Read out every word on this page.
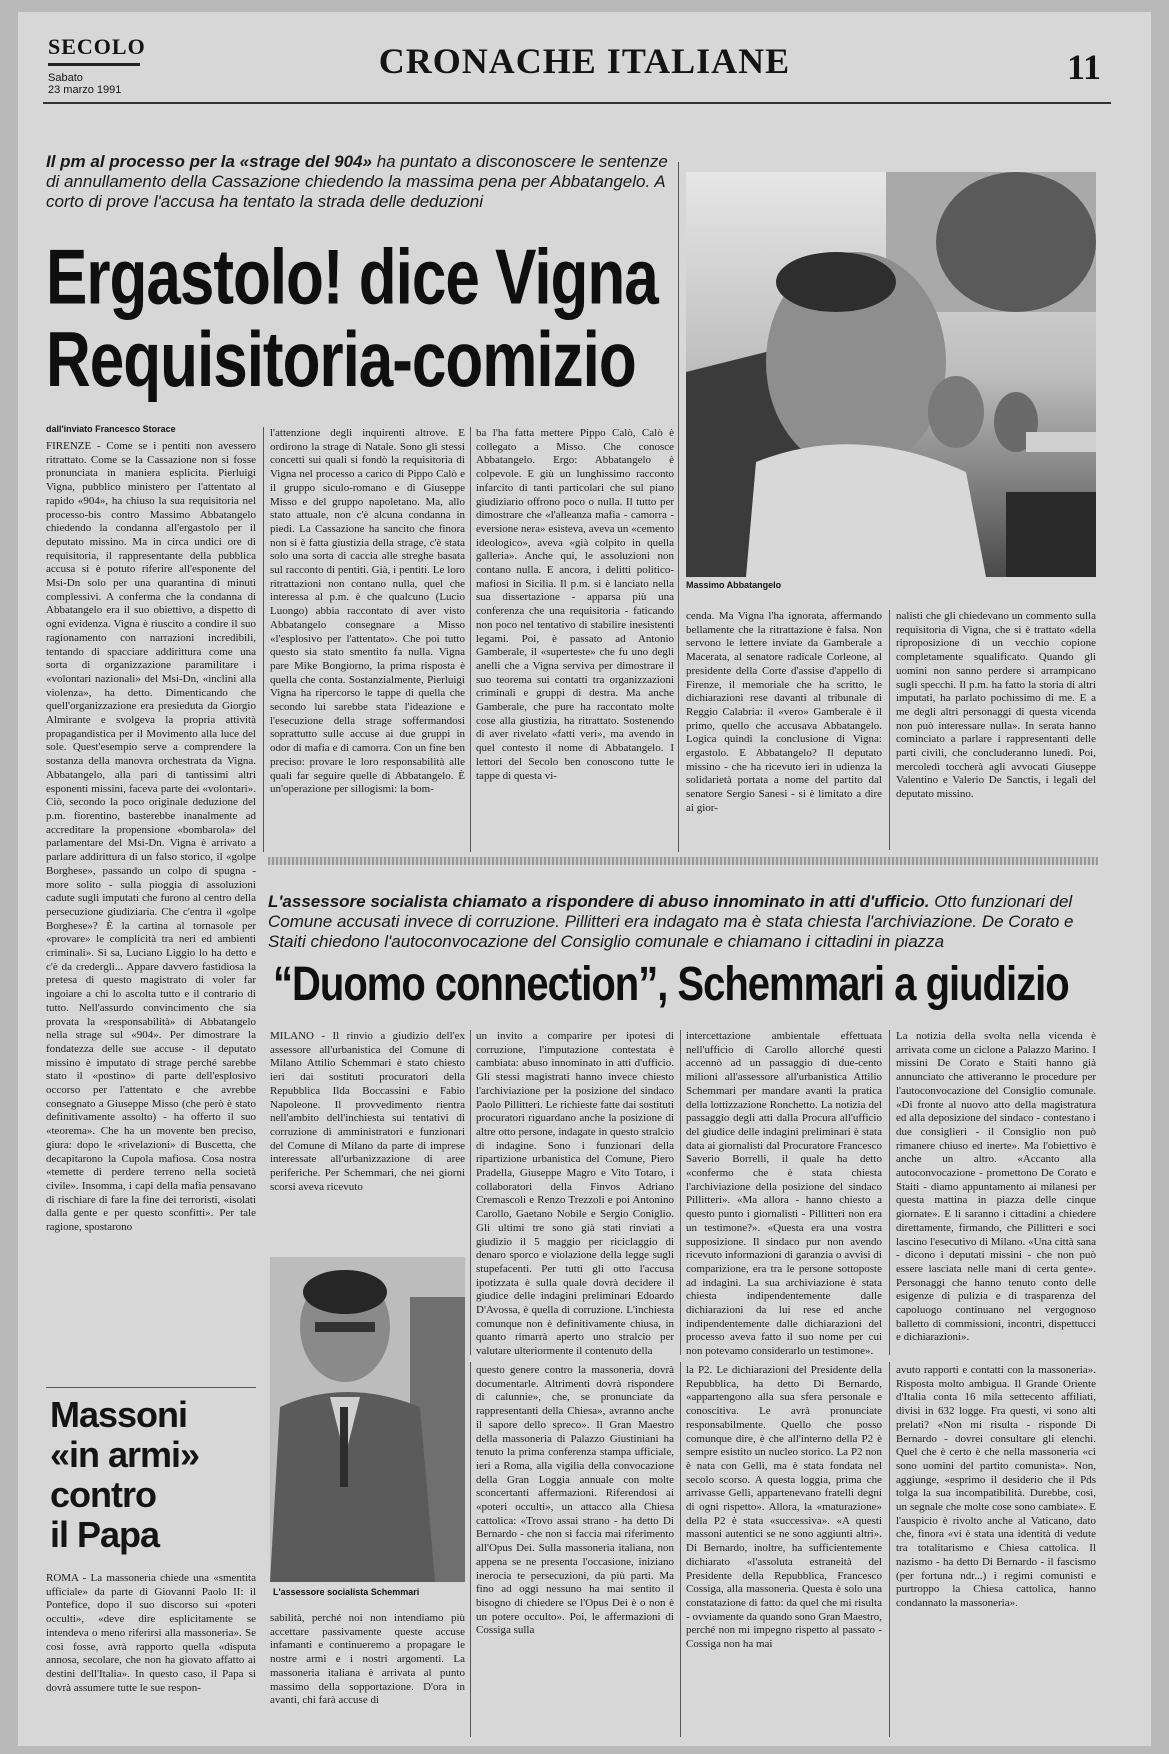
SECOLO
Sabato
23 marzo 1991
CRONACHE ITALIANE	11
Il pm al processo per la «strage del 904» ha puntato a disconoscere le sentenze di annullamento della Cassazione chiedendo la massima pena per Abbatangelo. A corto di prove l'accusa ha tentato la strada delle deduzioni
Ergastolo! dice Vigna
Requisitoria-comizio
Massimo Abbatangelo
dall'inviato Francesco Storace
FIRENZE - Come se i pentiti non avessero ritrattato. Come se la Cassazione non si fosse pronunciata in maniera esplicita. Pierluigi Vigna, pubblico ministero per l'attentato al rapido «904», ha chiuso la sua requisitoria nel processo-bis contro Massimo Abbatangelo chiedendo la condanna all'ergastolo per il deputato missino. Ma in circa undici ore di requisitoria, il rappresentante della pubblica accusa si è potuto riferire all'esponente del Msi-Dn solo per una quarantina di minuti complessivi. A conferma che la condanna di Abbatangelo era il suo obiettivo, a dispetto di ogni evidenza. Vigna è riuscito a condire il suo ragionamento con narrazioni incredibili, tentando di spacciare addirittura come una sorta di organizzazione paramilitare i «volontari nazionali» del Msi-Dn, «inclini alla violenza», ha detto. Dimenticando che quell'organizzazione era presieduta da Giorgio Almirante e svolgeva la propria attività propagandistica per il Movimento alla luce del sole. Quest'esempio serve a comprendere la sostanza della manovra orchestrata da Vigna. Abbatangelo, alla pari di tantissimi altri esponenti missini, faceva parte dei «volontari». Ciò, secondo la poco originale deduzione del p.m. fiorentino, basterebbe inanalmente ad accreditare la propensione «bombarola» del parlamentare del Msi-Dn. Vigna è arrivato a parlare addirittura di un falso storico, il «golpe Borghese», passando un colpo di spugna - more solito - sulla pioggia di assoluzioni cadute sugli imputati che furono al centro della persecuzione giudiziaria. Che c'entra il «golpe Borghese»? È la cartina al tornasole per «provare» le complicità tra neri ed ambienti criminali». Si sa, Luciano Liggio lo ha detto e c'è da credergli... Appare davvero fastidiosa la pretesa di questo magistrato di voler far ingoiare a chi lo ascolta tutto e il contrario di tutto. Nell'assurdo convincimento che sia provata la «responsabilità» di Abbatangelo nella strage sul «904». Per dimostrare la fondatezza delle sue accuse - il deputato missino è imputato di strage perché sarebbe stato il «postino» di parte dell'esplosivo occorso per l'attentato e che avrebbe consegnato a Giuseppe Misso (che però è stato definitivamente assolto) - ha offerto il suo «teorema». Che ha un movente ben preciso, giura: dopo le «rivelazioni» di Buscetta, che decapitarono la Cupola mafiosa. Cosa nostra «temette di perdere terreno nella società civile». Insomma, i capi della mafia pensavano di rischiare di fare la fine dei terroristi, «isolati dalla gente e per questo sconfitti». Per tale ragione, spostarono
l'attenzione degli inquirenti altrove. E ordirono la strage di Natale. Sono gli stessi concetti sui quali si fondò la requisitoria di Vigna nel processo a carico di Pippo Calò e il gruppo siculo-romano e di Giuseppe Misso e del gruppo napoletano. Ma, allo stato attuale, non c'è alcuna condanna in piedi. La Cassazione ha sancito che finora non si è fatta giustizia della strage, c'è stata solo una sorta di caccia alle streghe basata sul racconto di pentiti. Già, i pentiti. Le loro ritrattazioni non contano nulla, quel che interessa al p.m. è che qualcuno (Lucio Luongo) abbia raccontato di aver visto Abbatangelo consegnare a Misso «l'esplosivo per l'attentato». Che poi tutto questo sia stato smentito fa nulla. Vigna pare Mike Bongiorno, la prima risposta è quella che conta. Sostanzialmente, Pierluigi Vigna ha ripercorso le tappe di quella che secondo lui sarebbe stata l'ideazione e l'esecuzione della strage soffermandosi soprattutto sulle accuse ai due gruppi in odor di mafia e di camorra. Con un fine ben preciso: provare le loro responsabilità alle quali far seguire quelle di Abbatangelo. È un'operazione per sillogismi: la bom-
ba l'ha fatta mettere Pippo Calò, Calò è collegato a Misso. Che conosce Abbatangelo. Ergo: Abbatangelo è colpevole. E giù un lunghissimo racconto infarcito di tanti particolari che sul piano giudiziario offrono poco o nulla. Il tutto per dimostrare che «l'alleanza mafia - camorra - eversione nera» esisteva, aveva un «cemento ideologico», aveva «già colpito in quella galleria». Anche qui, le assoluzioni non contano nulla. E ancora, i delitti politico-mafiosi in Sicilia. Il p.m. si è lanciato nella sua dissertazione - apparsa più una conferenza che una requisitoria - faticando non poco nel tentativo di stabilire inesistenti legami. Poi, è passato ad Antonio Gamberale, il «superteste» che fu uno degli anelli che a Vigna serviva per dimostrare il suo teorema sui contatti tra organizzazioni criminali e gruppi di destra. Ma anche Gamberale, che pure ha raccontato molte cose alla giustizia, ha ritrattato. Sostenendo di aver rivelato «fatti veri», ma avendo in quel contesto il nome di Abbatangelo. I lettori del Secolo ben conoscono tutte le tappe di questa vi-
cenda. Ma Vigna l'ha ignorata, affermando bellamente che la ritrattazione è falsa. Non servono le lettere inviate da Gamberale a Macerata, al senatore radicale Corleone, al presidente della Corte d'assise d'appello di Firenze, il memoriale che ha scritto, le dichiarazioni rese davanti al tribunale di Reggio Calabria: il «vero» Gamberale è il primo, quello che accusava Abbatangelo. Logica quindi la conclusione di Vigna: ergastolo. E Abbatangelo? Il deputato missino - che ha ricevuto ieri in udienza la solidarietà portata a nome del partito dal senatore Sergio Sanesi - si è limitato a dire ai gior-
nalisti che gli chiedevano un commento sulla requisitoria di Vigna, che si è trattato «della riproposizione di un vecchio copione completamente squalificato. Quando gli uomini non sanno perdere si arrampicano sugli specchi. Il p.m. ha fatto la storia di altri imputati, ha parlato pochissimo di me. E a me degli altri personaggi di questa vicenda non può interessare nulla». In serata hanno cominciato a parlare i rappresentanti delle parti civili, che concluderanno lunedì. Poi, mercoledì toccherà agli avvocati Giuseppe Valentino e Valerio De Sanctis, i legali del deputato missino.
L'assessore socialista chiamato a rispondere di abuso innominato in atti d'ufficio. Otto funzionari del Comune accusati invece di corruzione. Pillitteri era indagato ma è stata chiesta l'archiviazione. De Corato e Staiti chiedono l'autoconvocazione del Consiglio comunale e chiamano i cittadini in piazza
“Duomo connection”, Schemmari a giudizio
MILANO - Il rinvio a giudizio dell'ex assessore all'urbanistica del Comune di Milano Attilio Schemmari è stato chiesto ieri dai sostituti procuratori della Repubblica Ilda Boccassini e Fabio Napoleone. Il provvedimento rientra nell'ambito dell'inchiesta sui tentativi di corruzione di amministratori e funzionari del Comune di Milano da parte di imprese interessate all'urbanizzazione di aree periferiche. Per Schemmari, che nei giorni scorsi aveva ricevuto
un invito a comparire per ipotesi di corruzione, l'imputazione contestata è cambiata: abuso innominato in atti d'ufficio. Gli stessi magistrati hanno invece chiesto l'archiviazione per la posizione del sindaco Paolo Pillitteri. Le richieste fatte dai sostituti procuratori riguardano anche la posizione di altre otto persone, indagate in questo stralcio di indagine. Sono i funzionari della ripartizione urbanistica del Comune, Piero Pradella, Giuseppe Magro e Vito Totaro, i collaboratori della Finvos Adriano Cremascoli e Renzo Trezzoli e poi Antonino Carollo, Gaetano Nobile e Sergio Coniglio. Gli ultimi tre sono già stati rinviati a giudizio il 5 maggio per riciclaggio di denaro sporco e violazione della legge sugli stupefacenti. Per tutti gli otto l'accusa ipotizzata è sulla quale dovrà decidere il giudice delle indagini preliminari Edoardo D'Avossa, è quella di corruzione. L'inchiesta comunque non è definitivamente chiusa, in quanto rimarrà aperto uno stralcio per valutare ulteriormente il contenuto della
intercettazione ambientale effettuata nell'ufficio di Carollo allorché questi accennò ad un passaggio di due-cento milioni all'assessore all'urbanistica Attilio Schemmari per mandare avanti la pratica della lottizzazione Ronchetto. La notizia del passaggio degli atti dalla Procura all'ufficio del giudice delle indagini preliminari è stata data ai giornalisti dal Procuratore Francesco Saverio Borrelli, il quale ha detto «confermo che è stata chiesta l'archiviazione della posizione del sindaco Pillitteri». «Ma allora - hanno chiesto a questo punto i giornalisti - Pillitteri non era un testimone?». «Questa era una vostra supposizione. Il sindaco pur non avendo ricevuto informazioni di garanzia o avvisi di comparizione, era tra le persone sottoposte ad indagini. La sua archiviazione è stata chiesta indipendentemente dalle dichiarazioni da lui rese ed anche indipendentemente dalle dichiarazioni del processo aveva fatto il suo nome per cui non potevamo considerarlo un testimone».
La notizia della svolta nella vicenda è arrivata come un ciclone a Palazzo Marino. I missini De Corato e Staiti hanno già annunciato che attiveranno le procedure per l'autoconvocazione del Consiglio comunale. «Di fronte al nuovo atto della magistratura ed alla deposizione del sindaco - contestano i due consiglieri - il Consiglio non può rimanere chiuso ed inerte». Ma l'obiettivo è anche un altro. «Accanto alla autoconvocazione - promettono De Corato e Staiti - diamo appuntamento ai milanesi per questa mattina in piazza delle cinque giornate». E li saranno i cittadini a chiedere direttamente, firmando, che Pillitteri e soci lascino l'esecutivo di Milano. «Una città sana - dicono i deputati missini - che non può essere lasciata nelle mani di certa gente». Personaggi che hanno tenuto conto delle esigenze di pulizia e di trasparenza del capoluogo continuano nel vergognoso balletto di commissioni, incontri, dispettucci e dichiarazioni».
L'assessore socialista Schemmari
Massoni
«in armi»
contro
il Papa
ROMA - La massoneria chiede una «smentita ufficiale» da parte di Giovanni Paolo II: il Pontefice, dopo il suo discorso sui «poteri occulti», «deve dire esplicitamente se intendeva o meno riferirsi alla massoneria». Se così fosse, avrà rapporto quella «disputa annosa, secolare, che non ha giovato affatto ai destini dell'Italia». In questo caso, il Papa si dovrà assumere tutte le sue respon-
sabilità, perché noi non intendiamo più accettare passivamente queste accuse infamanti e continueremo a propagare le nostre armi e i nostri argomenti. La massoneria italiana è arrivata al punto massimo della sopportazione. D'ora in avanti, chi farà accuse di
questo genere contro la massoneria, dovrà documentarle. Altrimenti dovrà rispondere di calunnie», che, se pronunciate da rappresentanti della Chiesa», avranno anche il sapore dello spreco». Il Gran Maestro della massoneria di Palazzo Giustiniani ha tenuto la prima conferenza stampa ufficiale, ieri a Roma, alla vigilia della convocazione della Gran Loggia annuale con molte sconcertanti affermazioni. Riferendosi ai «poteri occulti», un attacco alla Chiesa cattolica: «Trovo assai strano - ha detto Di Bernardo - che non si faccia mai riferimento all'Opus Dei. Sulla massoneria italiana, non appena se ne presenta l'occasione, iniziano inerocia te persecuzioni, da più parti. Ma fino ad oggi nessuno ha mai sentito il bisogno di chiedere se l'Opus Dei è o non è un potere occulto». Poi, le affermazioni di Cossiga sulla
la P2. Le dichiarazioni del Presidente della Repubblica, ha detto Di Bernardo, «appartengono alla sua sfera personale e conoscitiva. Le avrà pronunciate responsabilmente. Quello che posso comunque dire, è che all'interno della P2 è sempre esistito un nucleo storico. La P2 non è nata con Gelli, ma è stata fondata nel secolo scorso. A questa loggia, prima che arrivasse Gelli, appartenevano fratelli degni di ogni rispetto». Allora, la «maturazione» della P2 è stata «successiva». «A questi massoni autentici se ne sono aggiunti altri». Di Bernardo, inoltre, ha sufficientemente dichiarato «l'assoluta estraneità del Presidente della Repubblica, Francesco Cossiga, alla massoneria. Questa è solo una constatazione di fatto: da quel che mi risulta - ovviamente da quando sono Gran Maestro, perché non mi impegno rispetto al passato - Cossiga non ha mai
avuto rapporti e contatti con la massoneria». Risposta molto ambigua. Il Grande Oriente d'Italia conta 16 mila settecento affiliati, divisi in 632 logge. Fra questi, vi sono alti prelati? «Non mi risulta - risponde Di Bernardo - dovrei consultare gli elenchi. Quel che è certo è che nella massoneria «ci sono uomini del partito comunista». Non, aggiunge, «esprimo il desiderio che il Pds tolga la sua incompatibilità. Durebbe, così, un segnale che molte cose sono cambiate». E l'auspicio è rivolto anche al Vaticano, dato che, finora «vi è stata una identità di vedute tra totalitarismo e Chiesa cattolica. Il nazismo - ha detto Di Bernardo - il fascismo (per fortuna ndr...) i regimi comunisti e purtroppo la Chiesa cattolica, hanno condannato la massoneria».
